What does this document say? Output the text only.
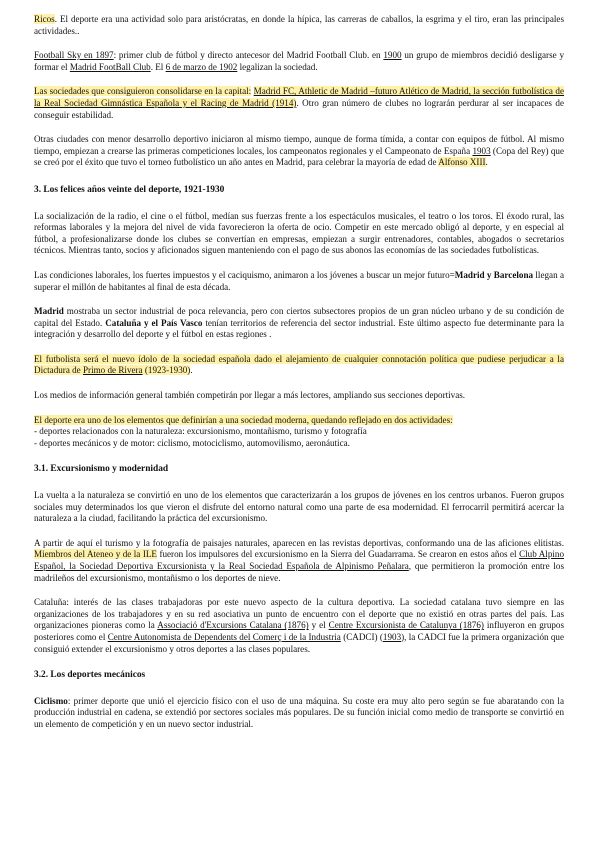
Ricos. El deporte era una actividad solo para aristócratas, en donde la hípica, las carreras de caballos, la esgrima y el tiro, eran las principales actividades..

Football Sky en 1897: primer club de fútbol y directo antecesor del Madrid Football Club. en 1900 un grupo de miembros decidió desligarse y formar el Madrid FootBall Club. El 6 de marzo de 1902 legalizan la sociedad.

Las sociedades que consiguieron consolidarse en la capital: Madrid FC, Athletic de Madrid –futuro Atlético de Madrid, la sección futbolística de la Real Sociedad Gimnástica Española y el Racing de Madrid (1914). Otro gran número de clubes no lograrán perdurar al ser incapaces de conseguir estabilidad.

Otras ciudades con menor desarrollo deportivo iniciaron al mismo tiempo, aunque de forma tímida, a contar con equipos de fútbol. Al mismo tiempo, empiezan a crearse las primeras competiciones locales, los campeonatos regionales y el Campeonato de España 1903 (Copa del Rey) que se creó por el éxito que tuvo el torneo futbolístico un año antes en Madrid, para celebrar la mayoría de edad de Alfonso XIII.

3. Los felices años veinte del deporte, 1921-1930

La socialización de la radio, el cine o el fútbol, medían sus fuerzas frente a los espectáculos musicales, el teatro o los toros. El éxodo rural, las reformas laborales y la mejora del nivel de vida favorecieron la oferta de ocio. Competir en este mercado obligó al deporte, y en especial al fútbol, a profesionalizarse donde los clubes se convertían en empresas, empiezan a surgir entrenadores, contables, abogados o secretarios técnicos. Mientras tanto, socios y aficionados siguen manteniendo con el pago de sus abonos las economías de las sociedades futbolísticas.

Las condiciones laborales, los fuertes impuestos y el caciquismo, animaron a los jóvenes a buscar un mejor futuro=Madrid y Barcelona llegan a superar el millón de habitantes al final de esta década.

Madrid mostraba un sector industrial de poca relevancia, pero con ciertos subsectores propios de un gran núcleo urbano y de su condición de capital del Estado. Cataluña y el País Vasco tenían territorios de referencia del sector industrial. Este último aspecto fue determinante para la integración y desarrollo del deporte y el fútbol en estas regiones .

El futbolista será el nuevo ídolo de la sociedad española dado el alejamiento de cualquier connotación política que pudiese perjudicar a la Dictadura de Primo de Rivera (1923-1930).

Los medios de información general también competirán por llegar a más lectores, ampliando sus secciones deportivas.

El deporte era uno de los elementos que definirían a una sociedad moderna, quedando reflejado en dos actividades:

- deportes relacionados con la naturaleza: excursionismo, montañismo, turismo y fotografía

- deportes mecánicos y de motor: ciclismo, motociclismo, automovilismo, aeronáutica.

3.1. Excursionismo y modernidad

La vuelta a la naturaleza se convirtió en uno de los elementos que caracterizarán a los grupos de jóvenes en los centros urbanos. Fueron grupos sociales muy determinados los que vieron el disfrute del entorno natural como una parte de esa modernidad. El ferrocarril permitirá acercar la naturaleza a la ciudad, facilitando la práctica del excursionismo.

A partir de aquí el turismo y la fotografía de paisajes naturales, aparecen en las revistas deportivas, conformando una de las aficiones elitistas. Miembros del Ateneo y de la ILE fueron los impulsores del excursionismo en la Sierra del Guadarrama. Se crearon en estos años el Club Alpino Español, la Sociedad Deportiva Excursionista y la Real Sociedad Española de Alpinismo Peñalara, que permitieron la promoción entre los madrileños del excursionismo, montañismo o los deportes de nieve.

Cataluña: interés de las clases trabajadoras por este nuevo aspecto de la cultura deportiva. La sociedad catalana tuvo siempre en las organizaciones de los trabajadores y en su red asociativa un punto de encuentro con el deporte que no existió en otras partes del país. Las organizaciones pioneras como la Associació d'Excursions Catalana (1876) y el Centre Excursionista de Catalunya (1876) influyeron en grupos posteriores como el Centre Autonomista de Dependents del Comerç i de la Industria (CADCI) (1903), la CADCI fue la primera organización que consiguió extender el excursionismo y otros deportes a las clases populares.

3.2. Los deportes mecánicos

Ciclismo: primer deporte que unió el ejercicio físico con el uso de una máquina. Su coste era muy alto pero según se fue abaratando con la producción industrial en cadena, se extendió por sectores sociales más populares. De su función inicial como medio de transporte se convirtió en un elemento de competición y en un nuevo sector industrial.
